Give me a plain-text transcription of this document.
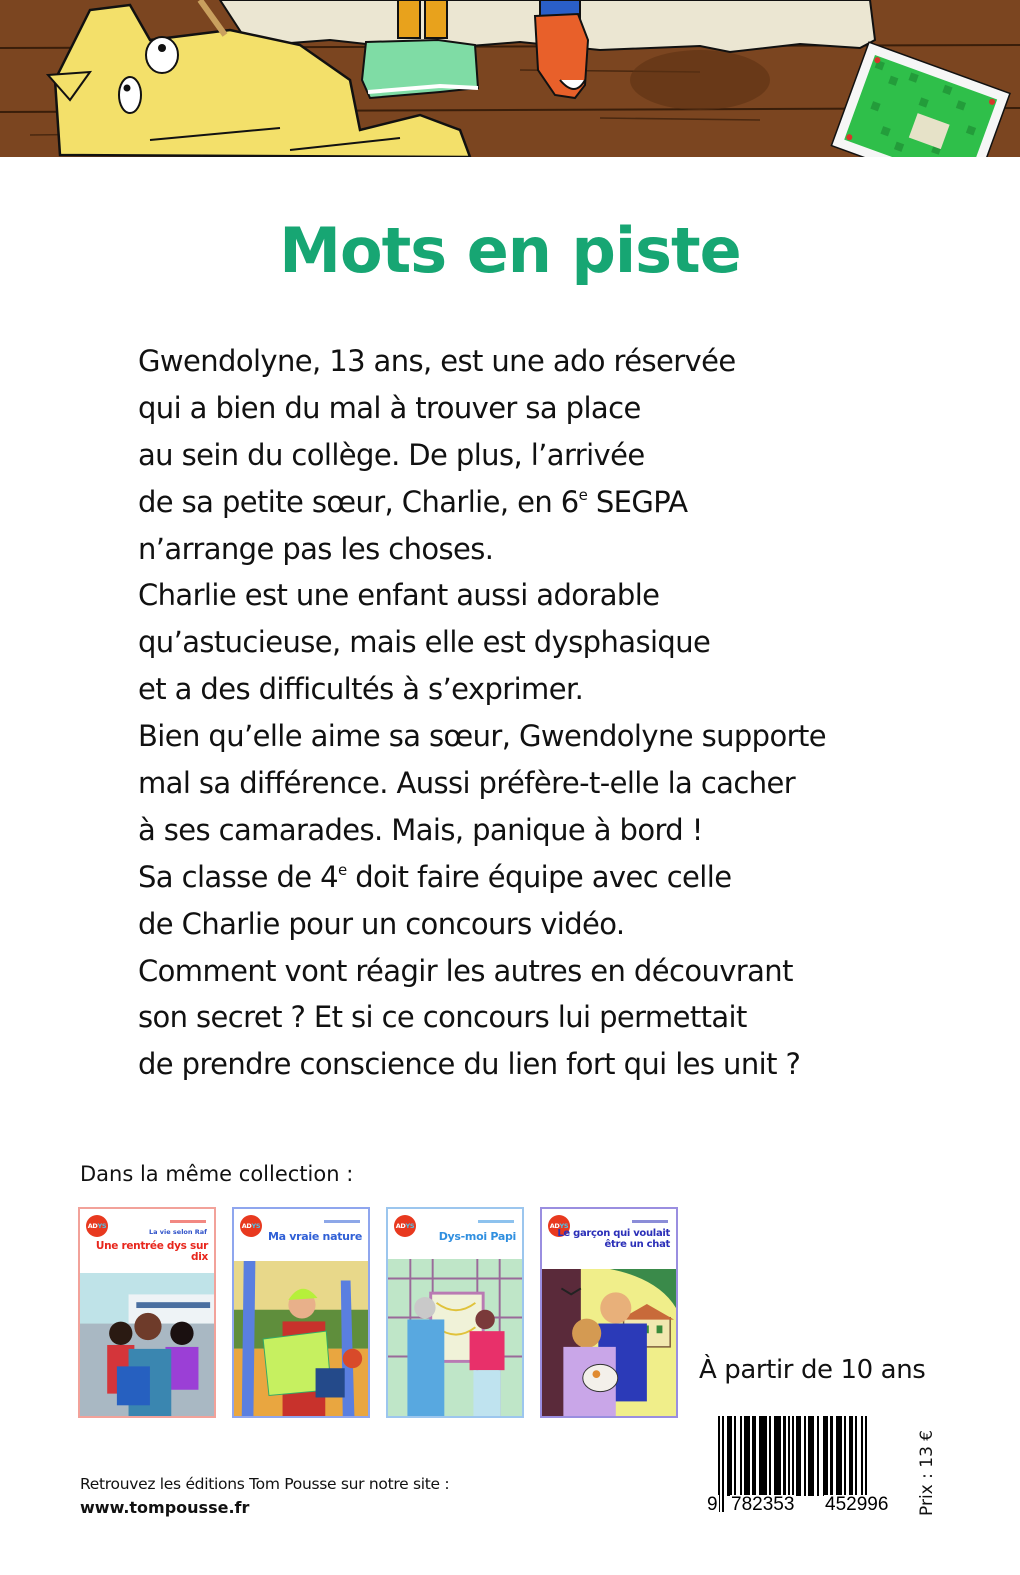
Mots en piste
Gwendolyne, 13 ans, est une ado réservée
qui a bien du mal à trouver sa place
au sein du collège. De plus, l’arrivée
de sa petite sœur, Charlie, en 6e SEGPA
n’arrange pas les choses.
Charlie est une enfant aussi adorable
qu’astucieuse, mais elle est dysphasique
et a des difficultés à s’exprimer.
Bien qu’elle aime sa sœur, Gwendolyne supporte
mal sa différence. Aussi préfère-t-elle la cacher
à ses camarades. Mais, panique à bord !
Sa classe de 4e doit faire équipe avec celle
de Charlie pour un concours vidéo.
Comment vont réagir les autres en découvrant
son secret ? Et si ce concours lui permettait
de prendre conscience du lien fort qui les unit ?
Dans la même collection :
AD YS
La vie selon Raf
Une rentrée dys sur dix
AD YS
Ma vraie nature
AD YS
Dys-moi Papi
AD YS
Le garçon qui voulait
être un chat
À partir de 10 ans
9 782353 452996 Prix : 13 €
Retrouvez les éditions Tom Pousse sur notre site :
www.tompousse.fr
